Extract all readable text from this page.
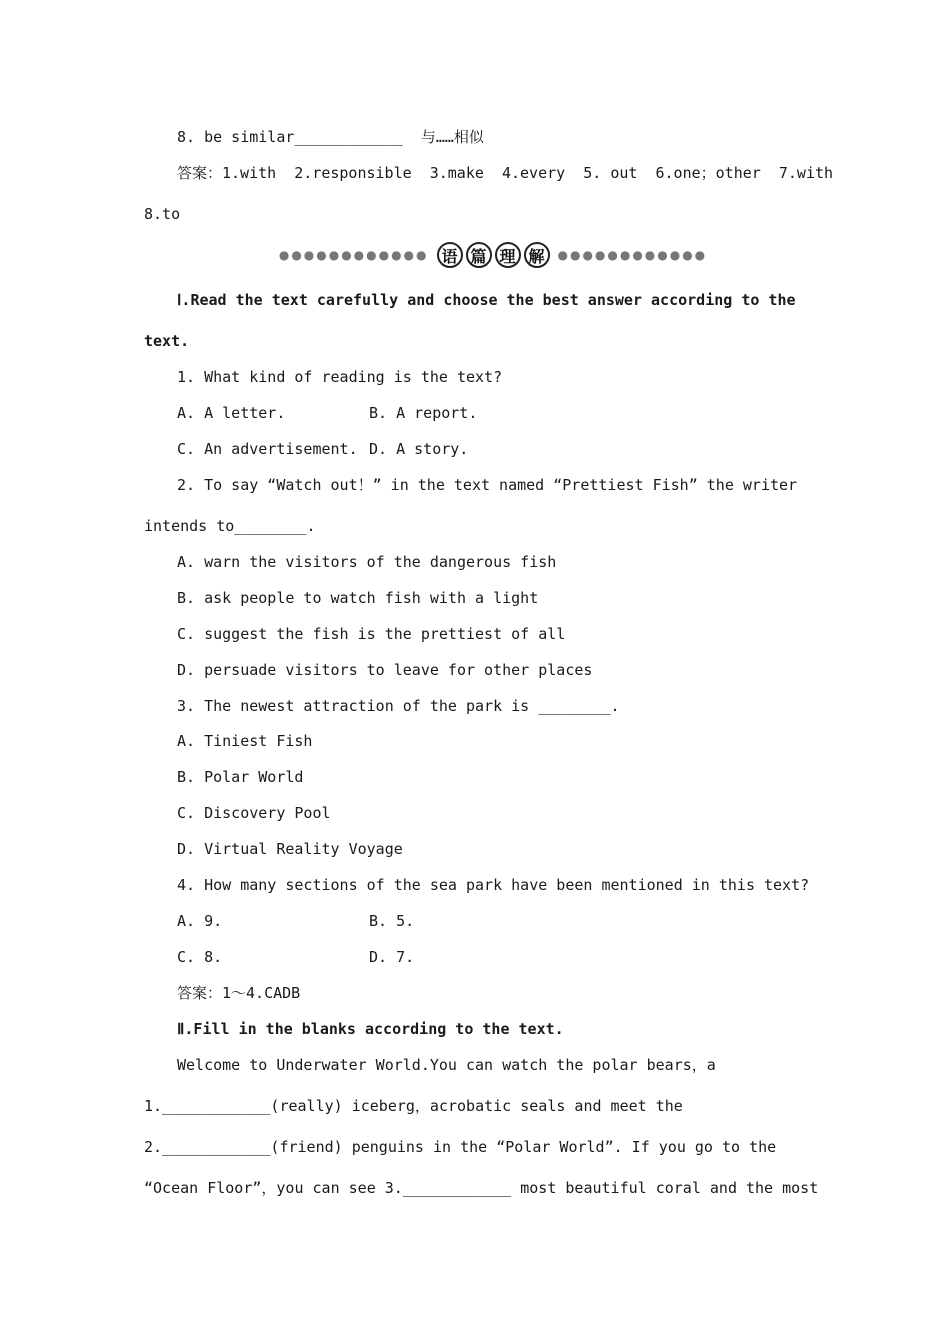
8. be similar____________  与……相似
答案：1.with  2.responsible  3.make  4.every  5. out  6.one；other  7.with
8.to
●●●●●●●●●●●● 语 篇 理 解	●●●●●●●●●●●●
Ⅰ.Read the text carefully and choose the best answer according to the
text.
1. What kind of reading is the text?
A. A letter.	B. A report.
C. An advertisement. D. A story.
2. To say “Watch out！” in the text named “Prettiest Fish” the writer
intends to________.
A. warn the visitors of the dangerous fish
B. ask people to watch fish with a light
C. suggest the fish is the prettiest of all
D. persuade visitors to leave for other places
3. The newest attraction of the park is ________.
A. Tiniest Fish
B. Polar World
C. Discovery Pool
D. Virtual Reality Voyage
4. How many sections of the sea park have been mentioned in this text?
A. 9.	B. 5.
C. 8.	D. 7.
答案：1～4.CADB
Ⅱ.Fill in the blanks according to the text.
Welcome to Underwater World.You can watch the polar bears，a
1.____________(really) iceberg，acrobatic seals and meet the
2.____________(friend) penguins in the “Polar World”. If you go to the
“Ocean Floor”，you can see 3.____________ most beautiful coral and the most
